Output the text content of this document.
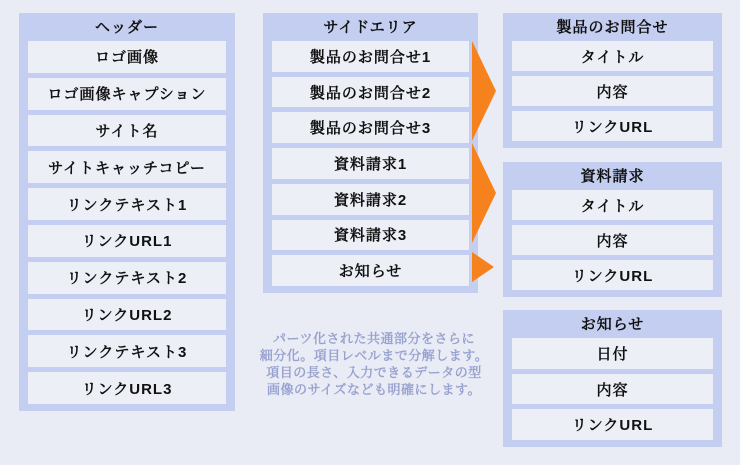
ヘッダー
ロゴ画像
ロゴ画像キャプション
サイト名
サイトキャッチコピー
リンクテキスト1
リンクURL1
リンクテキスト2
リンクURL2
リンクテキスト3
リンクURL3
サイドエリア
製品のお問合せ1
製品のお問合せ2
製品のお問合せ3
資料請求1
資料請求2
資料請求3
お知らせ
製品のお問合せ
タイトル
内容
リンクURL
資料請求
タイトル
内容
リンクURL
お知らせ
日付
内容
リンクURL
パーツ化された共通部分をさらに
細分化。項目レベルまで分解します。
項目の長さ、入力できるデータの型
画像のサイズなども明確にします。
